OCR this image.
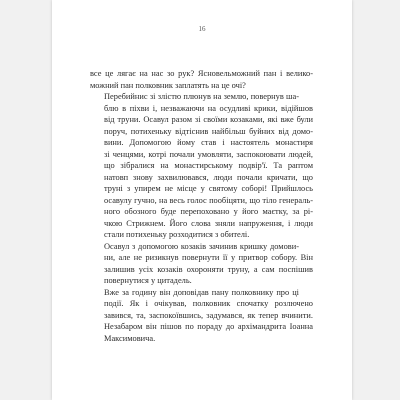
16
все це лягає на нас зо рук? Ясновельможний пан і велико-
можний пан полковник заплатять на це очі?
Перебийнис зі злістю плюнув на землю, повернув ша-
блю в піхви і, незважаючи на осудливі крики, відійшов
від труни. Осавул разом зі своїми козаками, які вже були
поруч, потихеньку відтіснив найбільш буйних від домо-
вини. Допомогою йому став і настоятель монастиря
зі ченцями, котрі почали умовляти, заспокоювати людей,
що зібралися на монастирському подвір'ї. Та раптом
натовп знову захвилювався, люди почали кричати, що
труні з упирем не місце у святому соборі! Прийшлось
осавулу гучно, на весь голос пообіцяти, що тіло генераль-
ного обозного буде перепоховано у його маєтку, за рі-
чкою Стрижнем. Його слова зняли напруження, і люди
стали потихеньку розходитися з обителі.
Осавул з допомогою козаків зачинив кришку домови-
ни, але не ризикнув повернути її у притвор собору. Він
залишив усіх козаків охороняти труну, а сам поспішив
повернутися у цитадель.
Вже за годину він доповідав пану полковнику про ці
події. Як і очікував, полковник спочатку розлючено
завився, та, заспокоївшись, задумався, як тепер вчинити.
Незабаром він пішов по пораду до архімандрита Іоанна
Максимовича.
